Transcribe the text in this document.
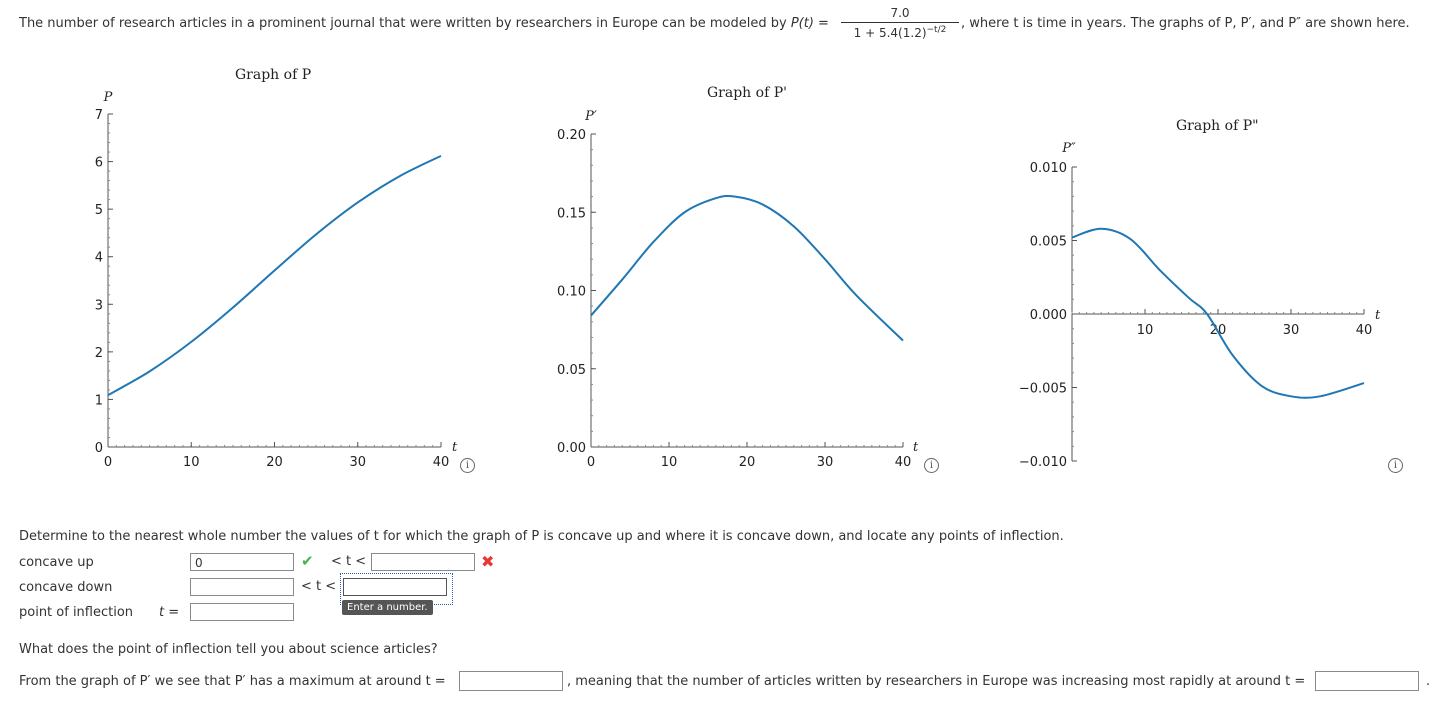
The number of research articles in a prominent journal that were written by researchers in Europe can be modeled by $P(t) = \frac{7.0}{1 + 5.4(1.2)^{-t/2}}$ , where t is time in years. The graphs of P, P′, and P″ are shown here.
Graph of P
Graph of P'
Graph of P"
0
1
2
3
4
5
6
7
0	10	20	30	40
t
P
0.00
0.05
0.10
0.15
0.20
0	10	20	30	40
t
P′
−0.010
−0.005
0.000
0.005
0.010
10	20	30	40
t
P″
i	i	i
Determine to the nearest whole number the values of t for which the graph of P is concave up and where it is concave down, and locate any points of inflection.
concave up	0	✔ < t <	✖
concave down	< t <
Enter a number.
point of inflection t =
What does the point of inflection tell you about science articles?
From the graph of P′ we see that P′ has a maximum at around t =	, meaning that the number of articles written by researchers in Europe was increasing most rapidly at around t =	.
